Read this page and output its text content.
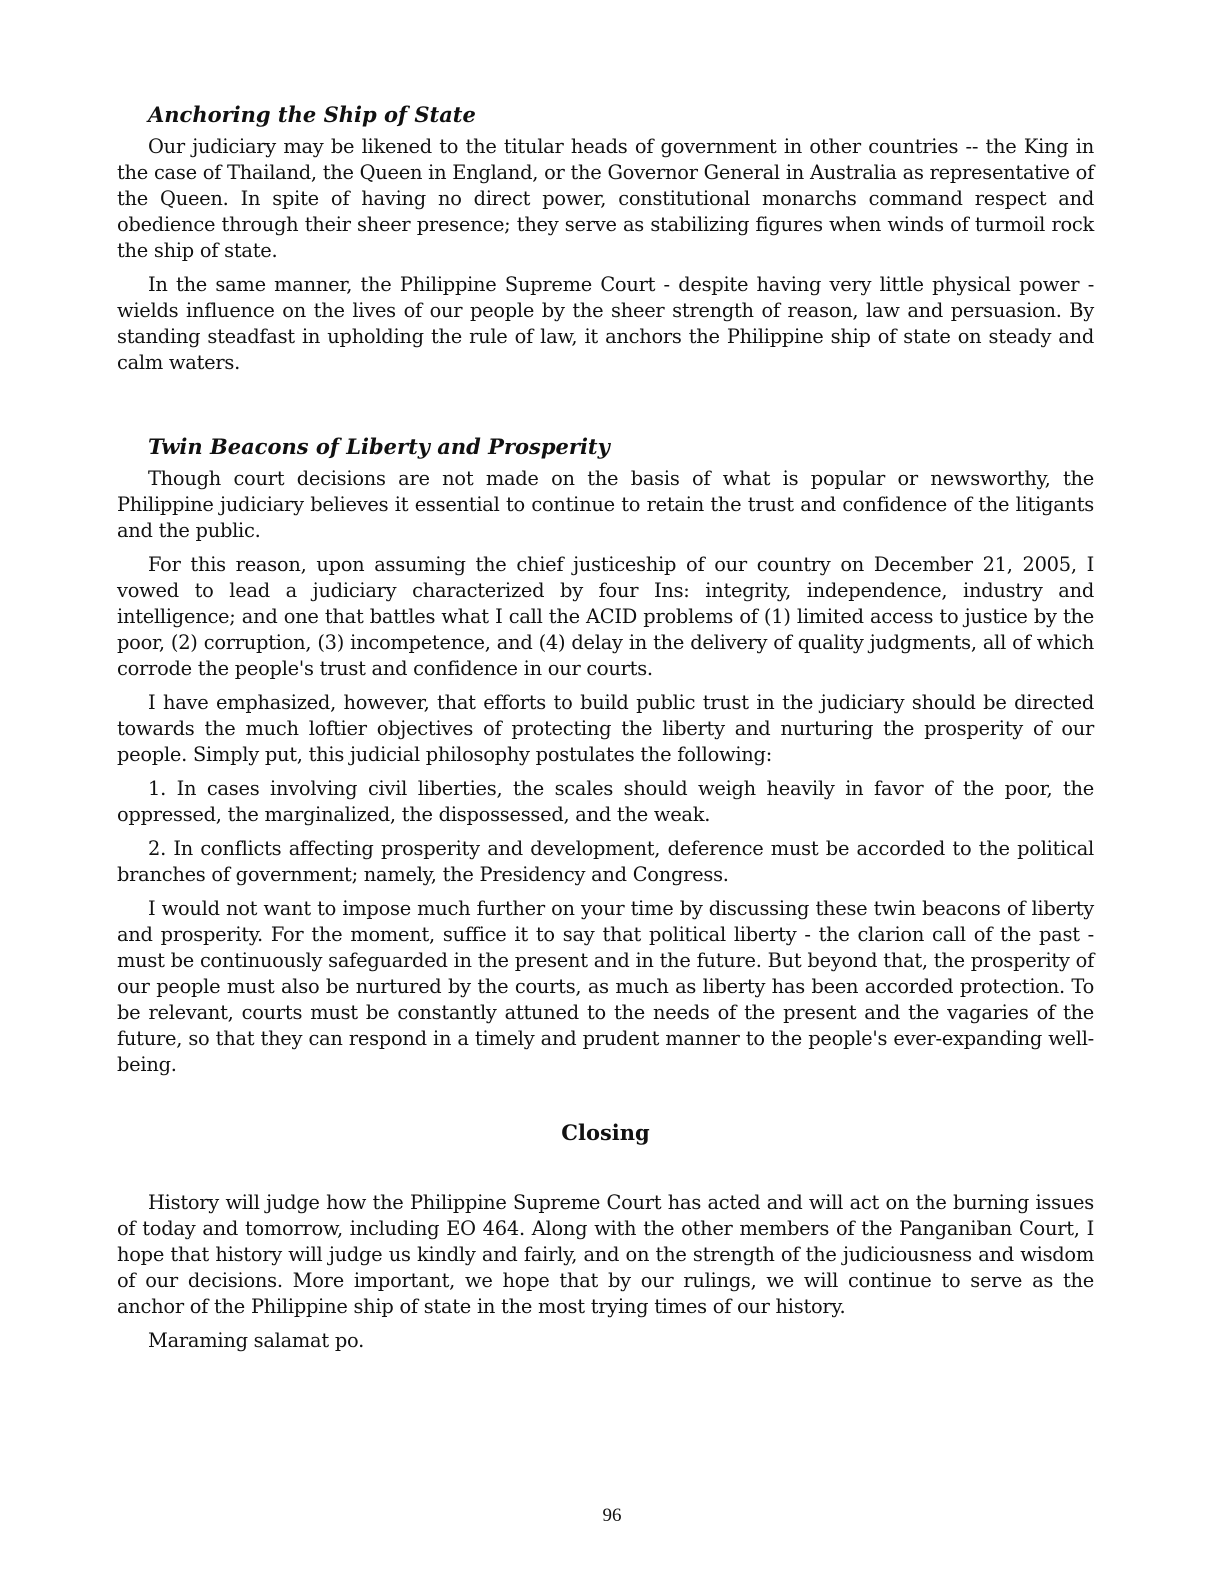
Anchoring the Ship of State

Our judiciary may be likened to the titular heads of government in other countries -- the King in the case of Thailand, the Queen in England, or the Governor General in Australia as representative of the Queen. In spite of having no direct power, constitutional monarchs command respect and obedience through their sheer presence; they serve as stabilizing figures when winds of turmoil rock the ship of state.

In the same manner, the Philippine Supreme Court - despite having very little physical power - wields influence on the lives of our people by the sheer strength of reason, law and persuasion. By standing steadfast in upholding the rule of law, it anchors the Philippine ship of state on steady and calm waters.

Twin Beacons of Liberty and Prosperity

Though court decisions are not made on the basis of what is popular or newsworthy, the Philippine judiciary believes it essential to continue to retain the trust and confidence of the litigants and the public.

For this reason, upon assuming the chief justiceship of our country on December 21, 2005, I vowed to lead a judiciary characterized by four Ins: integrity, independence, industry and intelligence; and one that battles what I call the ACID problems of (1) limited access to justice by the poor, (2) corruption, (3) incompetence, and (4) delay in the delivery of quality judgments, all of which corrode the people's trust and confidence in our courts.

I have emphasized, however, that efforts to build public trust in the judiciary should be directed towards the much loftier objectives of protecting the liberty and nurturing the prosperity of our people. Simply put, this judicial philosophy postulates the following:

1. In cases involving civil liberties, the scales should weigh heavily in favor of the poor, the oppressed, the marginalized, the dispossessed, and the weak.

2. In conflicts affecting prosperity and development, deference must be accorded to the political branches of government; namely, the Presidency and Congress.

I would not want to impose much further on your time by discussing these twin beacons of liberty and prosperity. For the moment, suffice it to say that political liberty - the clarion call of the past - must be continuously safeguarded in the present and in the future. But beyond that, the prosperity of our people must also be nurtured by the courts, as much as liberty has been accorded protection. To be relevant, courts must be constantly attuned to the needs of the present and the vagaries of the future, so that they can respond in a timely and prudent manner to the people's ever-expanding well-being.

Closing

History will judge how the Philippine Supreme Court has acted and will act on the burning issues of today and tomorrow, including EO 464. Along with the other members of the Panganiban Court, I hope that history will judge us kindly and fairly, and on the strength of the judiciousness and wisdom of our decisions. More important, we hope that by our rulings, we will continue to serve as the anchor of the Philippine ship of state in the most trying times of our history.

Maraming salamat po.

96
